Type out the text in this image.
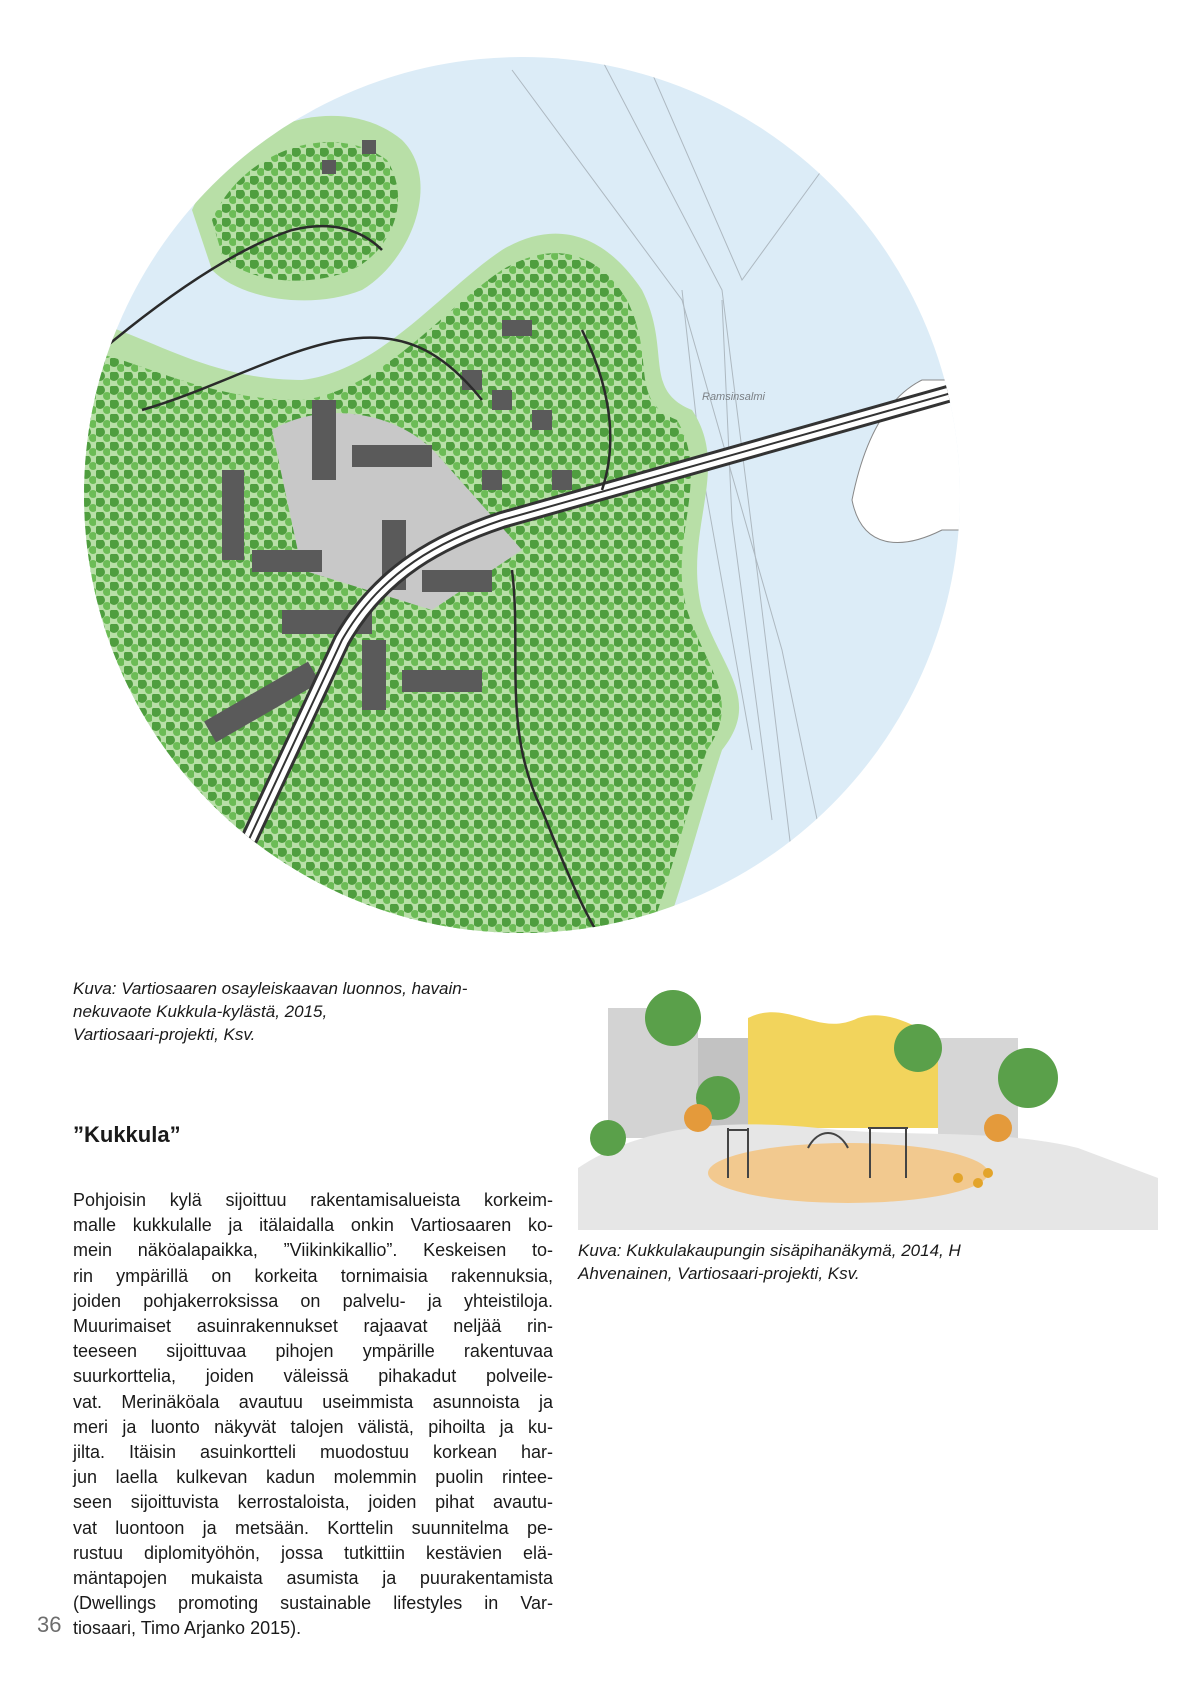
Ramsinsalmi
Kuva: Vartiosaaren osayleiskaavan luonnos, havain-
nekuvaote Kukkula-kylästä, 2015,
Vartiosaari-projekti, Ksv.
Kuva: Kukkulakaupungin sisäpihanäkymä, 2014, H
Ahvenainen, Vartiosaari-projekti, Ksv.
”Kukkula”
Pohjoisin kylä sijoittuu rakentamisalueista korkeim-
malle kukkulalle ja itälaidalla onkin Vartiosaaren ko-
mein näköalapaikka, ”Viikinkikallio”. Keskeisen to-
rin ympärillä on korkeita tornimaisia rakennuksia,
joiden pohjakerroksissa on palvelu- ja yhteistiloja.
Muurimaiset asuinrakennukset rajaavat neljää rin-
teeseen sijoittuvaa pihojen ympärille rakentuvaa
suurkorttelia, joiden väleissä pihakadut polveile-
vat. Merinäköala avautuu useimmista asunnoista ja
meri ja luonto näkyvät talojen välistä, pihoilta ja ku-
jilta. Itäisin asuinkortteli muodostuu korkean har-
jun laella kulkevan kadun molemmin puolin rintee-
seen sijoittuvista kerrostaloista, joiden pihat avautu-
vat luontoon ja metsään. Korttelin suunnitelma pe-
rustuu diplomityöhön, jossa tutkittiin kestävien elä-
mäntapojen mukaista asumista ja puurakentamista
(Dwellings promoting sustainable lifestyles in Var-
tiosaari, Timo Arjanko 2015).
36
